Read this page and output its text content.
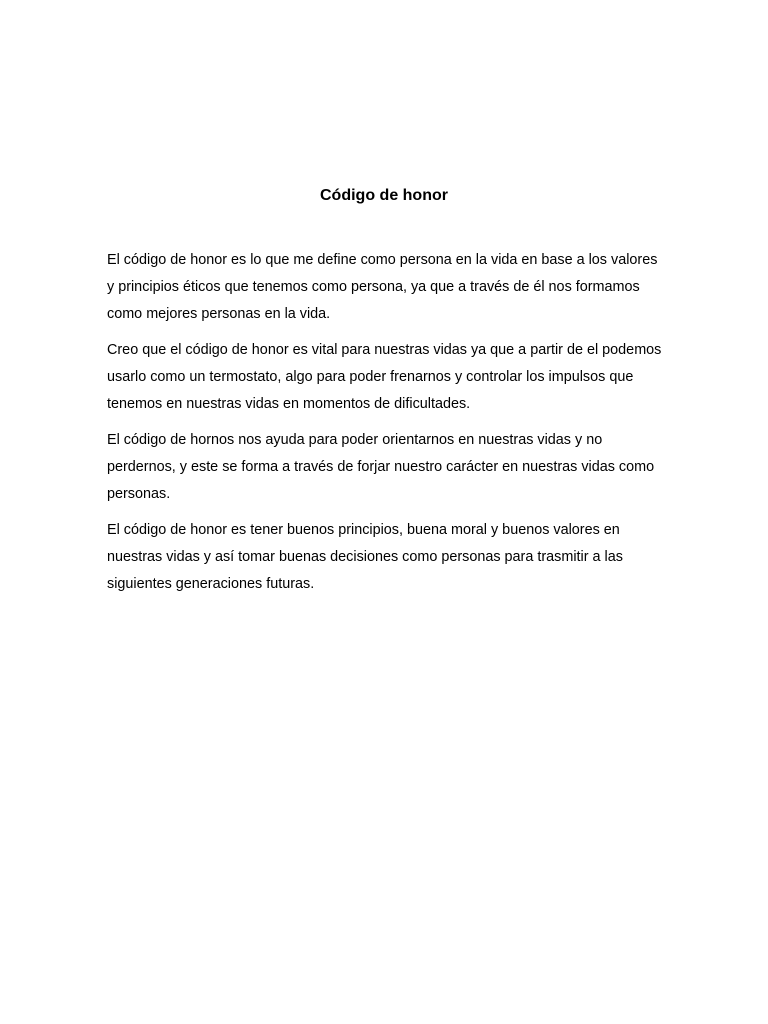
Código de honor

El código de honor es lo que me define como persona en la vida en base a los valores y principios éticos que tenemos como persona, ya que a través de él nos formamos como mejores personas en la vida.

Creo que el código de honor es vital para nuestras vidas ya que a partir de el podemos usarlo como un termostato, algo para poder frenarnos y controlar los impulsos que tenemos en nuestras vidas en momentos de dificultades.

El código de hornos nos ayuda para poder orientarnos en nuestras vidas y no perdernos, y este se forma a través de forjar nuestro carácter en nuestras vidas como personas.

El código de honor es tener buenos principios, buena moral y buenos valores en nuestras vidas y así tomar buenas decisiones como personas para trasmitir a las siguientes generaciones futuras.
